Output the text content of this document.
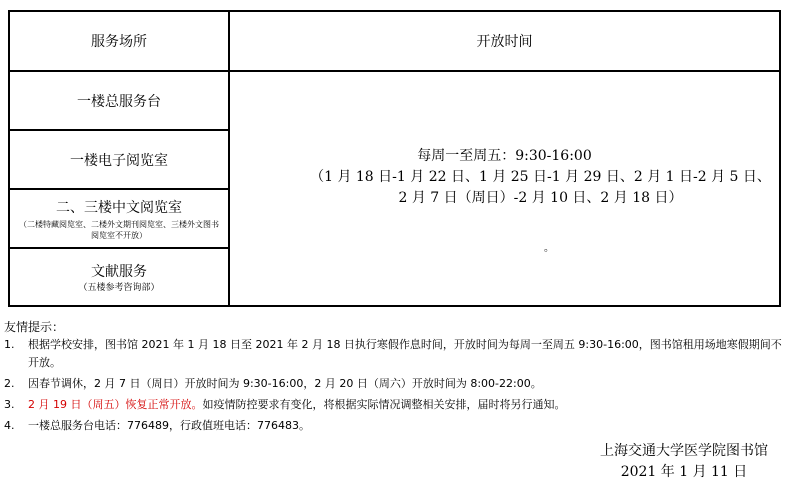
服务场所	开放时间
一楼总服务台
一楼电子阅览室
二、三楼中文阅览室
（二楼特藏阅览室、二楼外文期刊阅览室、三楼外文图书阅览室不开放）
文献服务
（五楼参考咨询部）
每周一至周五：9:30-16:00
（1 月 18 日-1 月 22 日、1 月 25 日-1 月 29 日、2 月 1 日-2 月 5 日、2 月 7 日（周日）-2 月 10 日、2 月 18 日）
。
友情提示：
1. 根据学校安排，图书馆 2021 年 1 月 18 日至 2021 年 2 月 18 日执行寒假作息时间，开放时间为每周一至周五 9:30-16:00，图书馆租用场地寒假期间不开放。
2. 因春节调休，2 月 7 日（周日）开放时间为 9:30-16:00，2 月 20 日（周六）开放时间为 8:00-22:00。
3. 2 月 19 日（周五）恢复正常开放。如疫情防控要求有变化，将根据实际情况调整相关安排，届时将另行通知。
4. 一楼总服务台电话：776489，行政值班电话：776483。
上海交通大学医学院图书馆
2021 年 1 月 11 日
